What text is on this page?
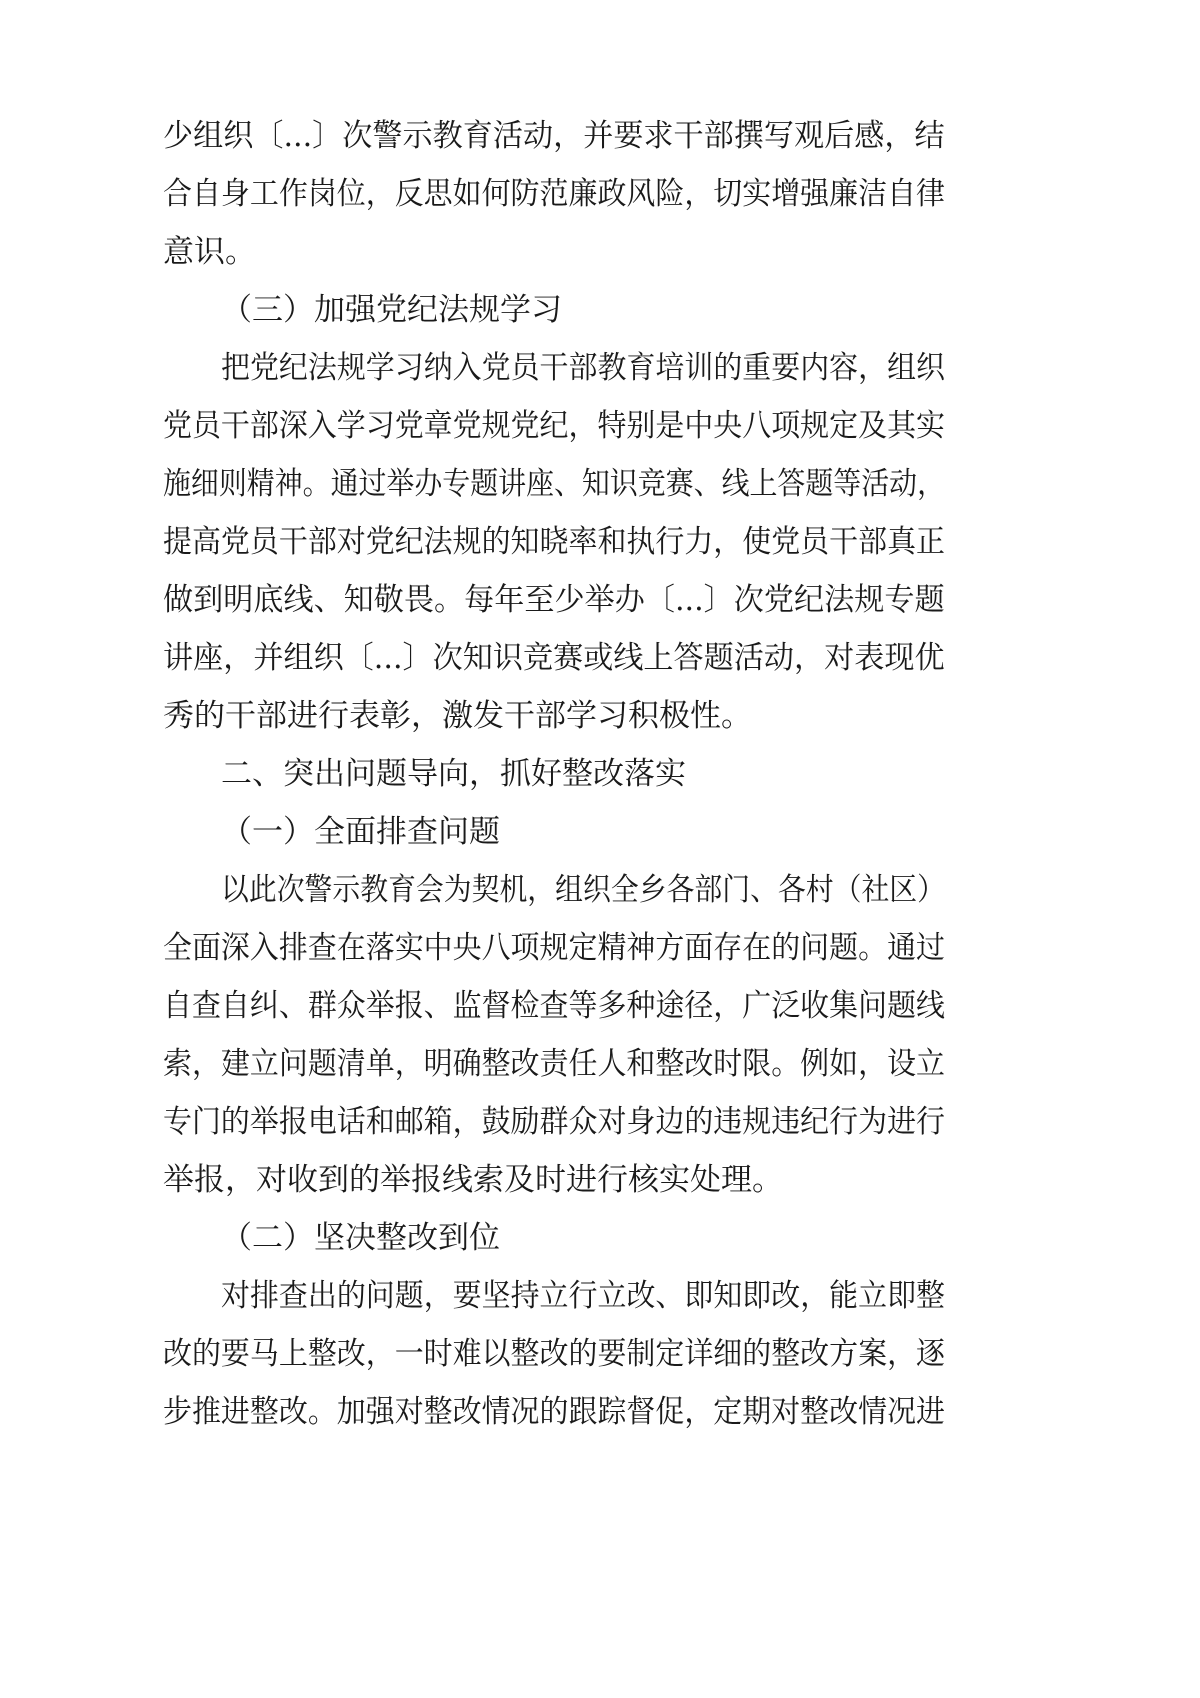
少组织〔...〕次警示教育活动，并要求干部撰写观后感，结
合自身工作岗位，反思如何防范廉政风险，切实增强廉洁自律
意识。
（三）加强党纪法规学习
把党纪法规学习纳入党员干部教育培训的重要内容，组织
党员干部深入学习党章党规党纪，特别是中央八项规定及其实
施细则精神。通过举办专题讲座、知识竞赛、线上答题等活动，
提高党员干部对党纪法规的知晓率和执行力，使党员干部真正
做到明底线、知敬畏。每年至少举办〔...〕次党纪法规专题
讲座，并组织〔...〕次知识竞赛或线上答题活动，对表现优
秀的干部进行表彰，激发干部学习积极性。
二、突出问题导向，抓好整改落实
（一）全面排查问题
以此次警示教育会为契机，组织全乡各部门、各村（社区）
全面深入排查在落实中央八项规定精神方面存在的问题。通过
自查自纠、群众举报、监督检查等多种途径，广泛收集问题线
索，建立问题清单，明确整改责任人和整改时限。例如，设立
专门的举报电话和邮箱，鼓励群众对身边的违规违纪行为进行
举报，对收到的举报线索及时进行核实处理。
（二）坚决整改到位
对排查出的问题，要坚持立行立改、即知即改，能立即整
改的要马上整改，一时难以整改的要制定详细的整改方案，逐
步推进整改。加强对整改情况的跟踪督促，定期对整改情况进
